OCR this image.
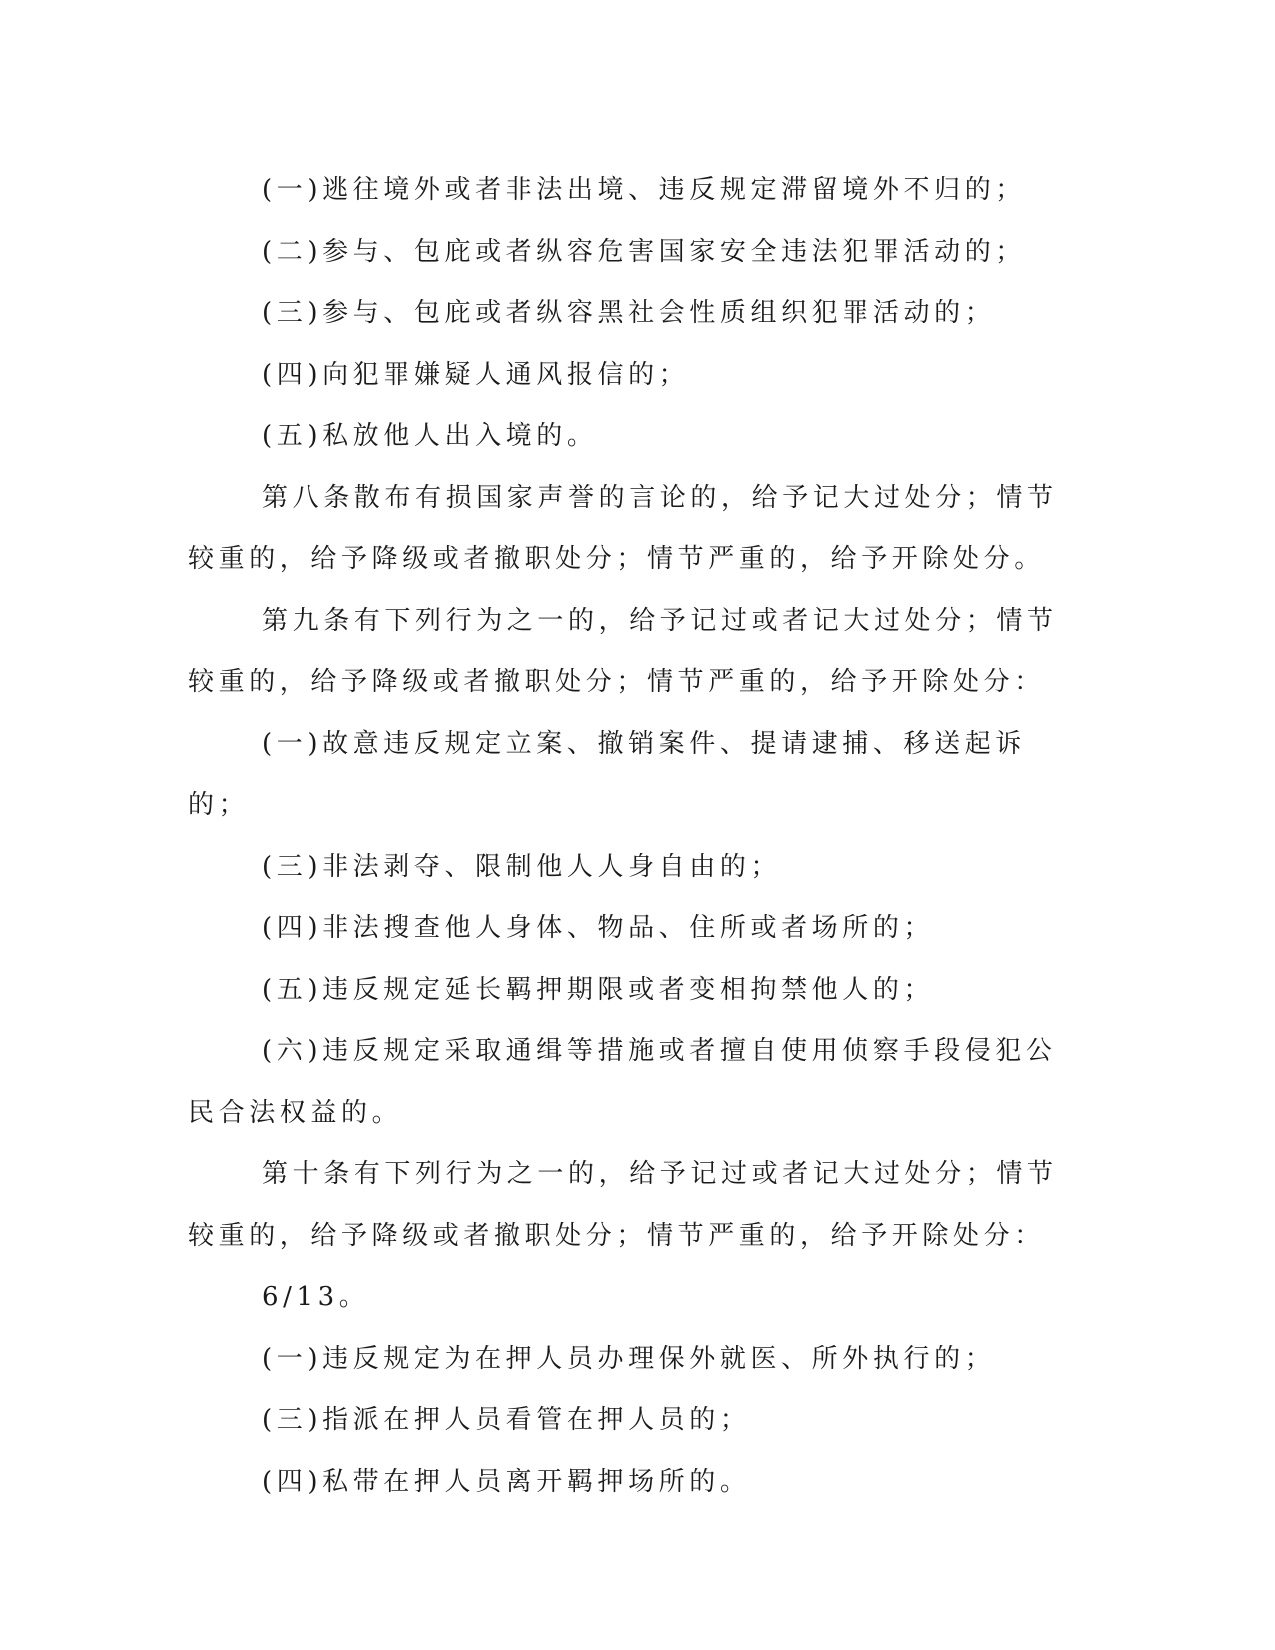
(一)逃往境外或者非法出境、违反规定滞留境外不归的；

(二)参与、包庇或者纵容危害国家安全违法犯罪活动的；

(三)参与、包庇或者纵容黑社会性质组织犯罪活动的；

(四)向犯罪嫌疑人通风报信的；

(五)私放他人出入境的。

第八条散布有损国家声誉的言论的，给予记大过处分；情节较重的，给予降级或者撤职处分；情节严重的，给予开除处分。

第九条有下列行为之一的，给予记过或者记大过处分；情节较重的，给予降级或者撤职处分；情节严重的，给予开除处分：

(一)故意违反规定立案、撤销案件、提请逮捕、移送起诉的；

(三)非法剥夺、限制他人人身自由的；

(四)非法搜查他人身体、物品、住所或者场所的；

(五)违反规定延长羁押期限或者变相拘禁他人的；

(六)违反规定采取通缉等措施或者擅自使用侦察手段侵犯公民合法权益的。

第十条有下列行为之一的，给予记过或者记大过处分；情节较重的，给予降级或者撤职处分；情节严重的，给予开除处分：

6/13。

(一)违反规定为在押人员办理保外就医、所外执行的；

(三)指派在押人员看管在押人员的；

(四)私带在押人员离开羁押场所的。
